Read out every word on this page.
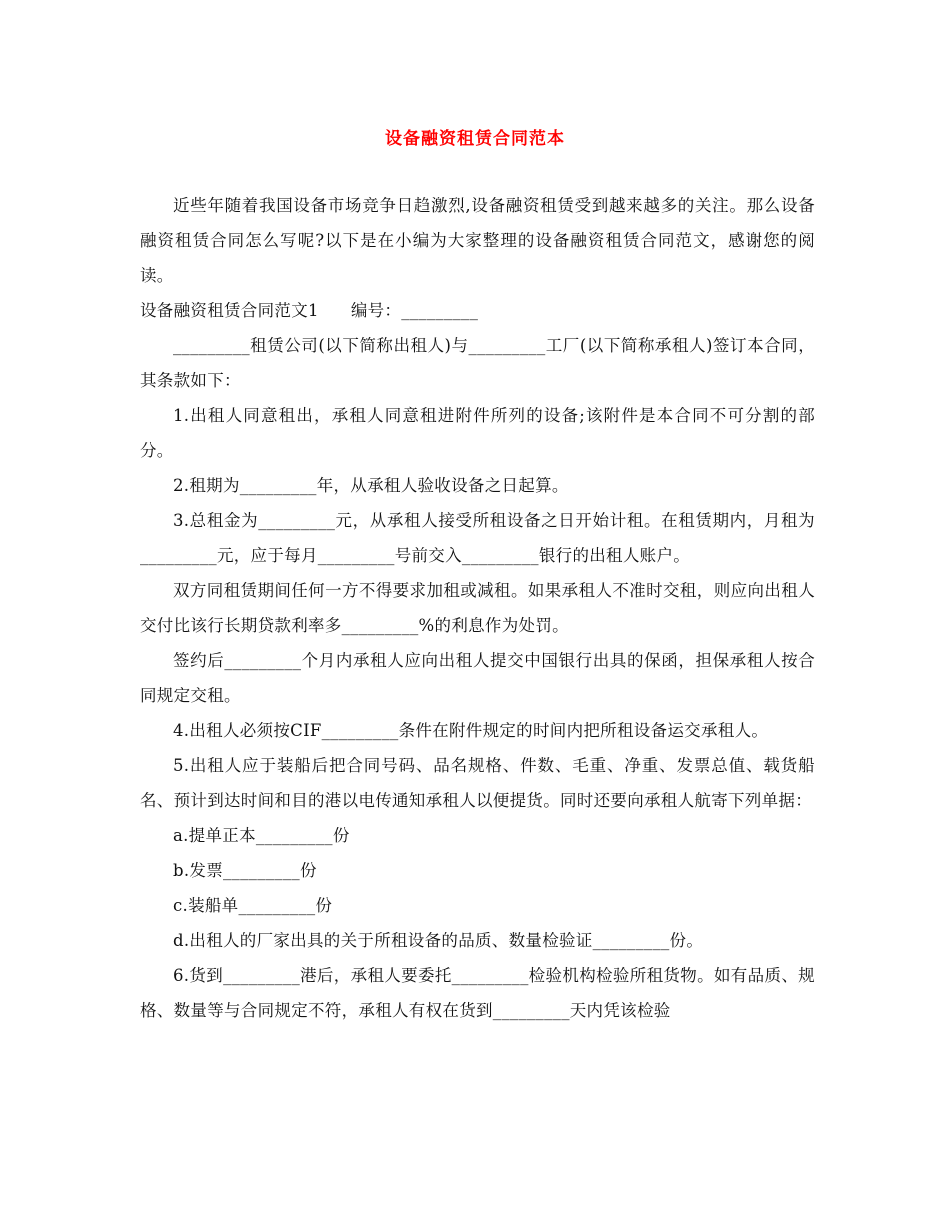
设备融资租赁合同范本

近些年随着我国设备市场竞争日趋激烈,设备融资租赁受到越来越多的关注。那么设备融资租赁合同怎么写呢?以下是在小编为大家整理的设备融资租赁合同范文，感谢您的阅读。

设备融资租赁合同范文1 编号：_________

_________租赁公司(以下简称出租人)与_________工厂(以下简称承租人)签订本合同，其条款如下：

1.出租人同意租出，承租人同意租进附件所列的设备;该附件是本合同不可分割的部分。

2.租期为_________年，从承租人验收设备之日起算。

3.总租金为_________元，从承租人接受所租设备之日开始计租。在租赁期内，月租为_________元，应于每月_________号前交入_________银行的出租人账户。

双方同租赁期间任何一方不得要求加租或减租。如果承租人不准时交租，则应向出租人交付比该行长期贷款利率多_________%的利息作为处罚。

签约后_________个月内承租人应向出租人提交中国银行出具的保函，担保承租人按合同规定交租。

4.出租人必须按CIF_________条件在附件规定的时间内把所租设备运交承租人。

5.出租人应于装船后把合同号码、品名规格、件数、毛重、净重、发票总值、载货船名、预计到达时间和目的港以电传通知承租人以便提货。同时还要向承租人航寄下列单据：

a.提单正本_________份

b.发票_________份

c.装船单_________份

d.出租人的厂家出具的关于所租设备的品质、数量检验证_________份。

6.货到_________港后，承租人要委托_________检验机构检验所租货物。如有品质、规格、数量等与合同规定不符，承租人有权在货到_________天内凭该检验
